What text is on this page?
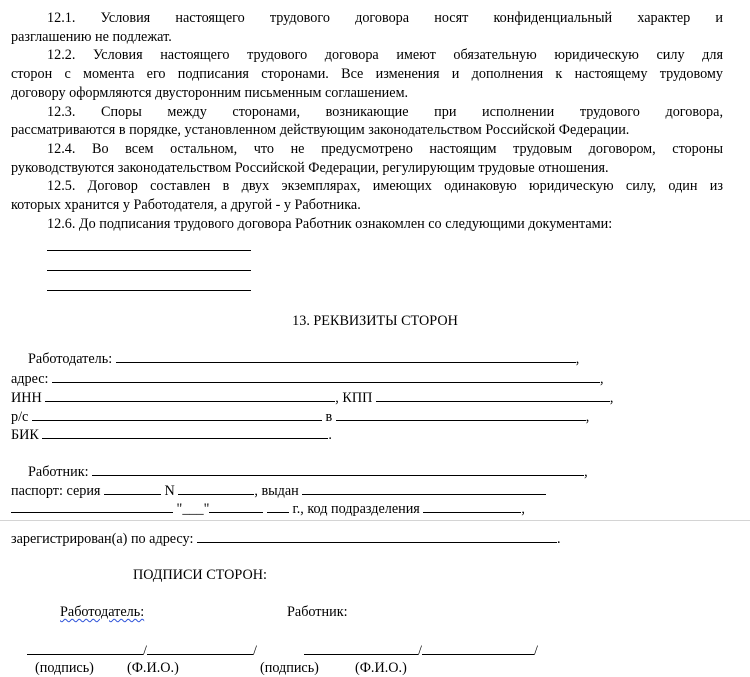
12.1. Условия настоящего трудового договора носят конфиденциальный характер и
разглашению не подлежат.
12.2. Условия настоящего трудового договора имеют обязательную юридическую силу для
сторон с момента его подписания сторонами. Все изменения и дополнения к настоящему трудовому
договору оформляются двусторонним письменным соглашением.
12.3. Споры между сторонами, возникающие при исполнении трудового договора,
рассматриваются в порядке, установленном действующим законодательством Российской Федерации.
12.4. Во всем остальном, что не предусмотрено настоящим трудовым договором, стороны
руководствуются законодательством Российской Федерации, регулирующим трудовые отношения.
12.5. Договор составлен в двух экземплярах, имеющих одинаковую юридическую силу, один из
которых хранится у Работодателя, а другой - у Работника.
12.6. До подписания трудового договора Работник ознакомлен со следующими документами:
13. РЕКВИЗИТЫ СТОРОН
Работодатель:	,
адрес:	,
ИНН	, КПП	,
р/с	в	,
БИК	.
Работник:	,
паспорт: серия	N	, выдан
"___"	г., код подразделения	,
зарегистрирован(а) по адресу:	.
ПОДПИСИ СТОРОН:
Работодатель:	Работник:
/	/	/	/
(подпись) (Ф.И.О.)	(подпись)	(Ф.И.О.)
